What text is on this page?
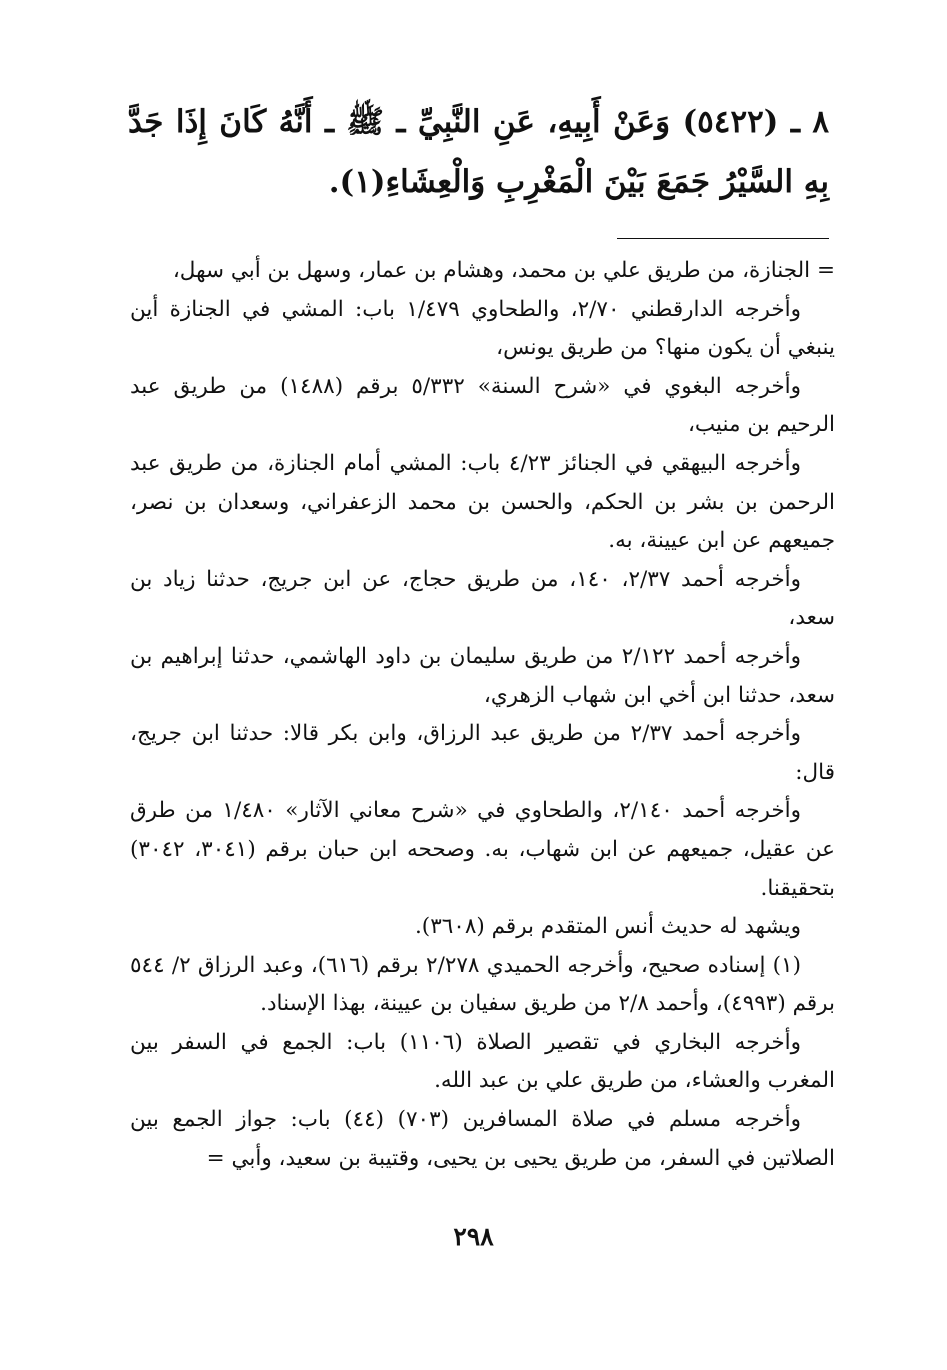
٨ ـ (٥٤٢٢) وَعَنْ أَبِيهِ، عَنِ النَّبِيِّ ـ ﷺ ـ أَنَّهُ كَانَ إِذَا جَدَّ بِهِ السَّيْرُ جَمَعَ بَيْنَ الْمَغْرِبِ وَالْعِشَاءِ(١).

= الجنازة، من طريق علي بن محمد، وهشام بن عمار، وسهل بن أبي سهل،

وأخرجه الدارقطني ٢/٧٠، والطحاوي ١/٤٧٩ باب: المشي في الجنازة أين ينبغي أن يكون منها؟ من طريق يونس،

وأخرجه البغوي في «شرح السنة» ٥/٣٣٢ برقم (١٤٨٨) من طريق عبد الرحيم بن منيب،

وأخرجه البيهقي في الجنائز ٤/٢٣ باب: المشي أمام الجنازة، من طريق عبد الرحمن بن بشر بن الحكم، والحسن بن محمد الزعفراني، وسعدان بن نصر، جميعهم عن ابن عيينة، به.

وأخرجه أحمد ٢/٣٧، ١٤٠، من طريق حجاج، عن ابن جريج، حدثنا زياد بن سعد،

وأخرجه أحمد ٢/١٢٢ من طريق سليمان بن داود الهاشمي، حدثنا إبراهيم بن سعد، حدثنا ابن أخي ابن شهاب الزهري،

وأخرجه أحمد ٢/٣٧ من طريق عبد الرزاق، وابن بكر قالا: حدثنا ابن جريج، قال:

وأخرجه أحمد ٢/١٤٠، والطحاوي في «شرح معاني الآثار» ١/٤٨٠ من طرق عن عقيل، جميعهم عن ابن شهاب، به. وصححه ابن حبان برقم (٣٠٤١، ٣٠٤٢) بتحقيقنا.

ويشهد له حديث أنس المتقدم برقم (٣٦٠٨).

(١) إسناده صحيح، وأخرجه الحميدي ٢/٢٧٨ برقم (٦١٦)، وعبد الرزاق ٢/ ٥٤٤ برقم (٤٩٩٣)، وأحمد ٢/٨ من طريق سفيان بن عيينة، بهذا الإسناد.

وأخرجه البخاري في تقصير الصلاة (١١٠٦) باب: الجمع في السفر بين المغرب والعشاء، من طريق علي بن عبد الله.

وأخرجه مسلم في صلاة المسافرين (٧٠٣) (٤٤) باب: جواز الجمع بين الصلاتين في السفر، من طريق يحيى بن يحيى، وقتيبة بن سعيد، وأبي =

٢٩٨
